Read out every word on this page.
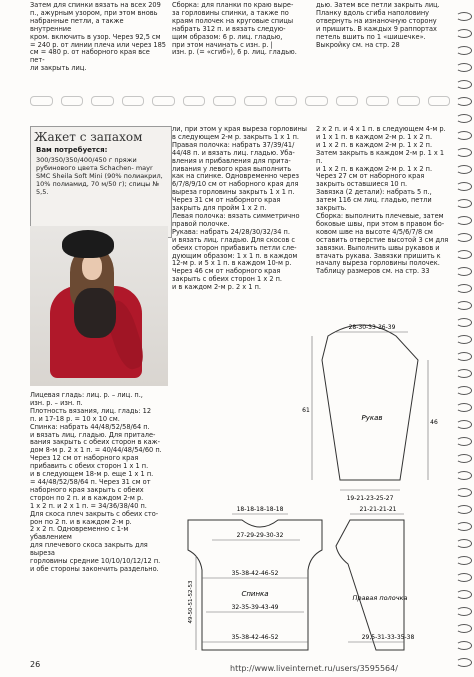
Затем для спинки вязать на всех 209
п., ажурным узором, при этом вновь
набранные петли, а также внутренние
кром. включить в узор. Через 92,5 см
= 240 р. от линии плеча или через 185
см = 480 р. от наборного края все пет-
ли закрыть лиц.
Сборка: для планки по краю выре-
за горловины спинки, а также по
краям полочек на круговые спицы
набрать 312 п. и вязать следую-
щим образом: 6 р. лиц. гладью,
при этом начинать с изн. р. |
изн. р. (= «сгиб»), 6 р. лиц. гладью.
дью. Затем все петли закрыть лиц.
Планку вдоль сгиба наполовину
отвернуть на изнаночную сторону
и пришить. В каждых 9 раппортах
петель вшить по 1 «шишечке».
Выкройку см. на стр. 28
Жакет с запахом
Вам потребуется:
300/350/350/400/450 г пряжи рубинового цвета Schachen- mayr SMC Sheila Soft Mini (90% полиакрил, 10% полиамид, 70 м/50 г); спицы № 5,5.
Лицевая гладь: лиц. р. – лиц. п.,
изн. р. – изн. п.
Плотность вязания, лиц. гладь: 12
п. и 17-18 р. = 10 х 10 см.
Спинка: набрать 44/48/52/58/64 п.
и вязать лиц. гладью. Для притале-
вания закрыть с обеих сторон в каж-
дом 8-м р. 2 х 1 п. = 40/44/48/54/60 п.
Через 12 см от наборного края
прибавить с обеих сторон 1 х 1 п.
и в следующем 18-м р. еще 1 х 1 п.
= 44/48/52/58/64 п. Через 31 см от
наборного края закрыть с обеих
сторон по 2 п. и в каждом 2-м р.
1 х 2 п. и 2 х 1 п. = 34/36/38/40 п.
Для скоса плеч закрыть с обеих сто-
рон по 2 п. и в каждом 2-м р.
2 х 2 п. Одновременно с 1-м убавлением
для плечевого скоса закрыть для выреза
горловины средние 10/10/10/12/12 п.
и обе стороны закончить раздельно.
ли, при этом у края выреза горловины
в следующем 2-м р. закрыть 1 х 1 п.
Правая полочка: набрать 37/39/41/
44/48 п. и вязать лиц. гладью. Уба-
вления и прибавления для прита-
ливания у левого края выполнить
как на спинке. Одновременно через
6/7/8/9/10 см от наборного края для
выреза горловины закрыть 1 х 1 п.
Через 31 см от наборного края
закрыть для пройм 1 х 2 п.
Левая полочка: вязать симметрично
правой полочке.
Рукава: набрать 24/28/30/32/34 п.
и вязать лиц. гладью. Для скосов с
обеих сторон прибавить петли сле-
дующим образом: 1 х 1 п. в каждом
12-м р. и 5 х 1 п. в каждом 10-м р.
Через 46 см от наборного края
закрыть с обеих сторон 1 х 2 п.
и в каждом 2-м р. 2 х 1 п.
2 х 2 п. и 4 х 1 п. в следующем 4-м р.
и 1 х 1 п. в каждом 2-м р. 1 х 2 п.
и 1 х 2 п. в каждом 2-м р. 1 х 2 п.
Затем закрыть в каждом 2-м р. 1 х 1 п.
и 1 х 2 п. в каждом 2-м р. 1 х 2 п.
Через 27 см от наборного края
закрыть оставшиеся 10 п.
Завязка (2 детали): набрать 5 п.,
затем 116 см лиц. гладью, петли
закрыть.
Сборка: выполнить плечевые, затем
боковые швы, при этом в правом бо-
ковом шве на высоте 4/5/6/7/8 см
оставить отверстие высотой 3 см для
завязки. Выполнить швы рукавов и
втачать рукава. Завязки пришить к
началу выреза горловины полочек.
Таблицу размеров см. на стр. 33
28-30-33-36-39
Рукав
19-21-23-25-27
61
46
18-18-18-18-18
27-29-29-30-32
35-38-42-46-52
Спинка
32-35-39-43-49
35-38-42-46-52
49-50-51-52-53
21-21-21-21
Правая полочка
29,5-31-33-35-38
26	http://www.liveinternet.ru/users/3595564/
